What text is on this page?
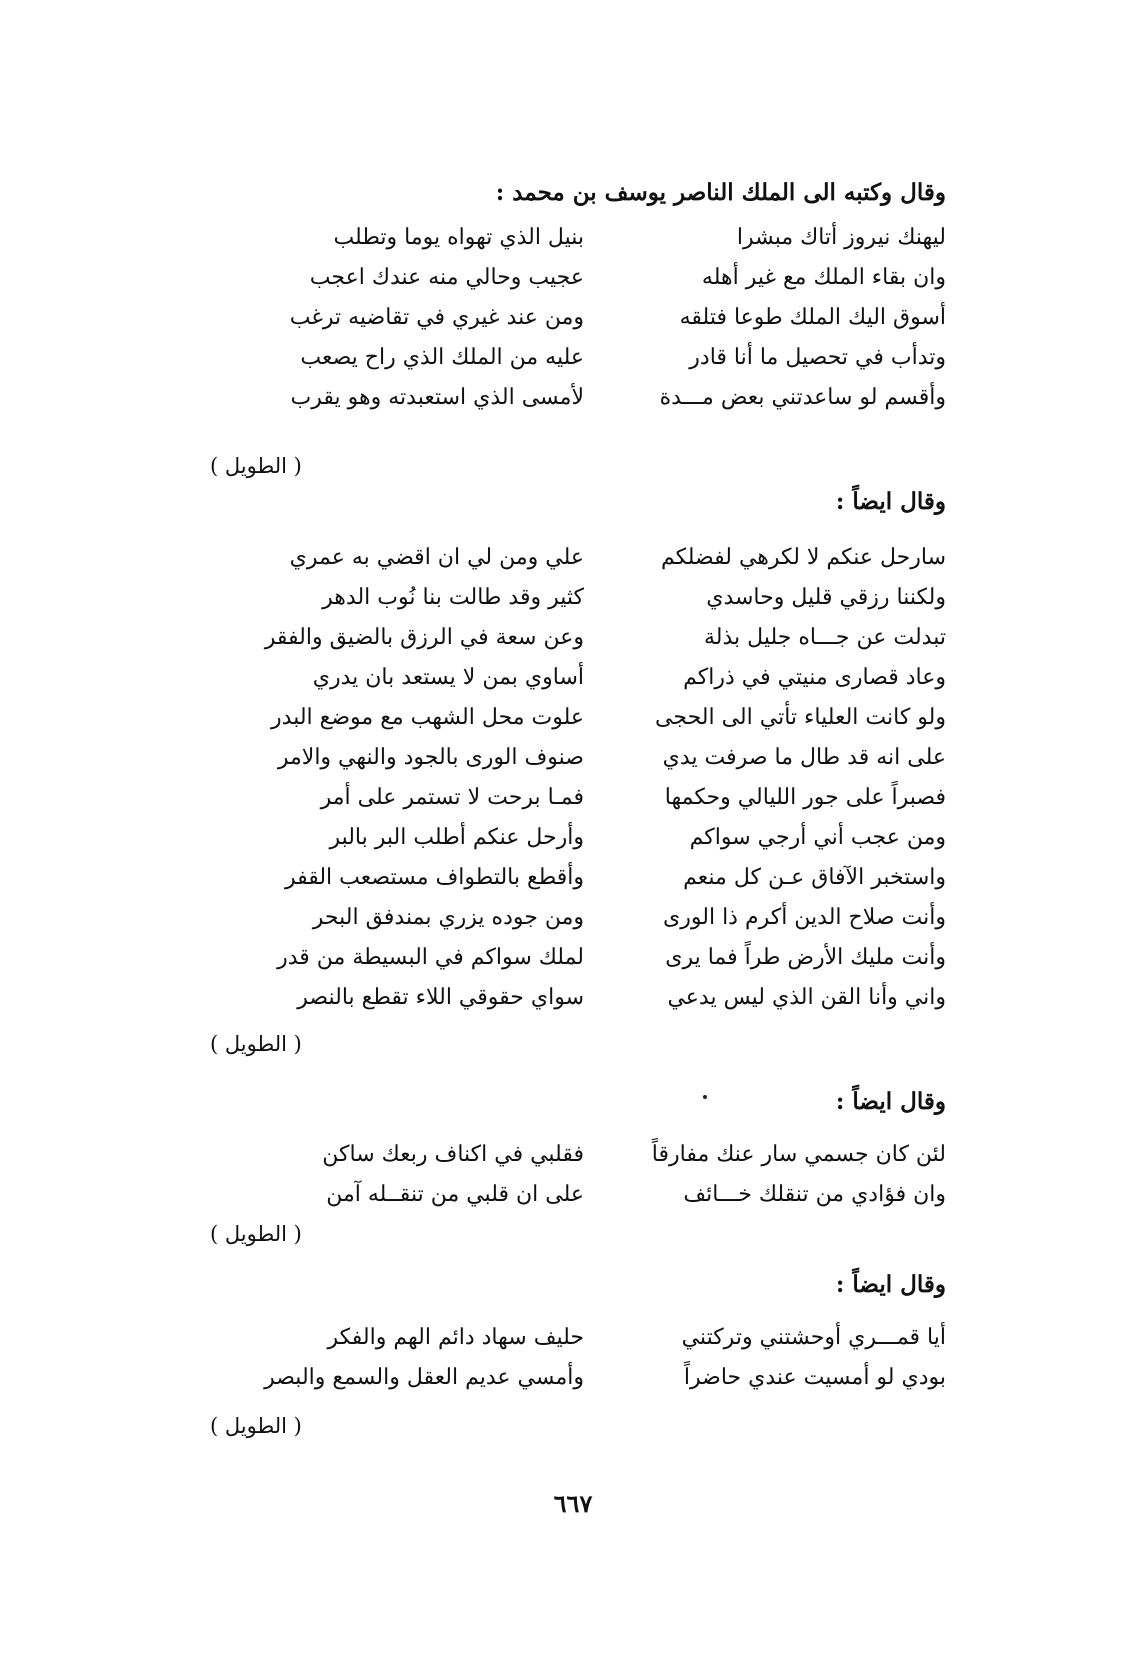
وقال وكتبه الى الملك الناصر يوسف بن محمد :
ليهنك نيروز أتاك مبشرا
بنيل الذي تهواه يوما وتطلب
وان بقاء الملك مع غير أهله
عجيب وحالي منه عندك اعجب
أسوق اليك الملك طوعا فتلقه
ومن عند غيري في تقاضيه ترغب
وتدأب في تحصيل ما أنا قادر
عليه من الملك الذي راح يصعب
وأقسم لو ساعدتني بعض مـــدة
لأمسى الذي استعبدته وهو يقرب
( الطويل )
وقال ايضاً :
سارحل عنكم لا لكرهي لفضلكم
علي ومن لي ان اقضي به عمري
ولكننا رزقي قليل وحاسدي
كثير وقد طالت بنا نُوب الدهر
تبدلت عن جـــاه جليل بذلة
وعن سعة في الرزق بالضيق والفقر
وعاد قصارى منيتي في ذراكم
أساوي بمن لا يستعد بان يدري
ولو كانت العلياء تأتي الى الحجى
علوت محل الشهب مع موضع البدر
على انه قد طال ما صرفت يدي
صنوف الورى بالجود والنهي والامر
فصبراً على جور الليالي وحكمها
فمـا برحت لا تستمر على أمر
ومن عجب أني أرجي سواكم
وأرحل عنكم أطلب البر بالبر
واستخبر الآفاق عـن كل منعم
وأقطع بالتطواف مستصعب القفر
وأنت صلاح الدين أكرم ذا الورى
ومن جوده يزري بمندفق البحر
وأنت مليك الأرض طراً فما يرى
لملك سواكم في البسيطة من قدر
واني وأنا القن الذي ليس يدعي
سواي حقوقي اللاء تقطع بالنصر
( الطويل )
وقال ايضاً :
لئن كان جسمي سار عنك مفارقاً
فقلبي في اكناف ربعك ساكن
وان فؤادي من تنقلك خـــائف
على ان قلبي من تنقــله آمن
( الطويل )
وقال ايضاً :
أيا قمـــري أوحشتني وتركتني
حليف سهاد دائم الهم والفكر
بودي لو أمسيت عندي حاضراً
وأمسي عديم العقل والسمع والبصر
( الطويل )
٦٦٧
